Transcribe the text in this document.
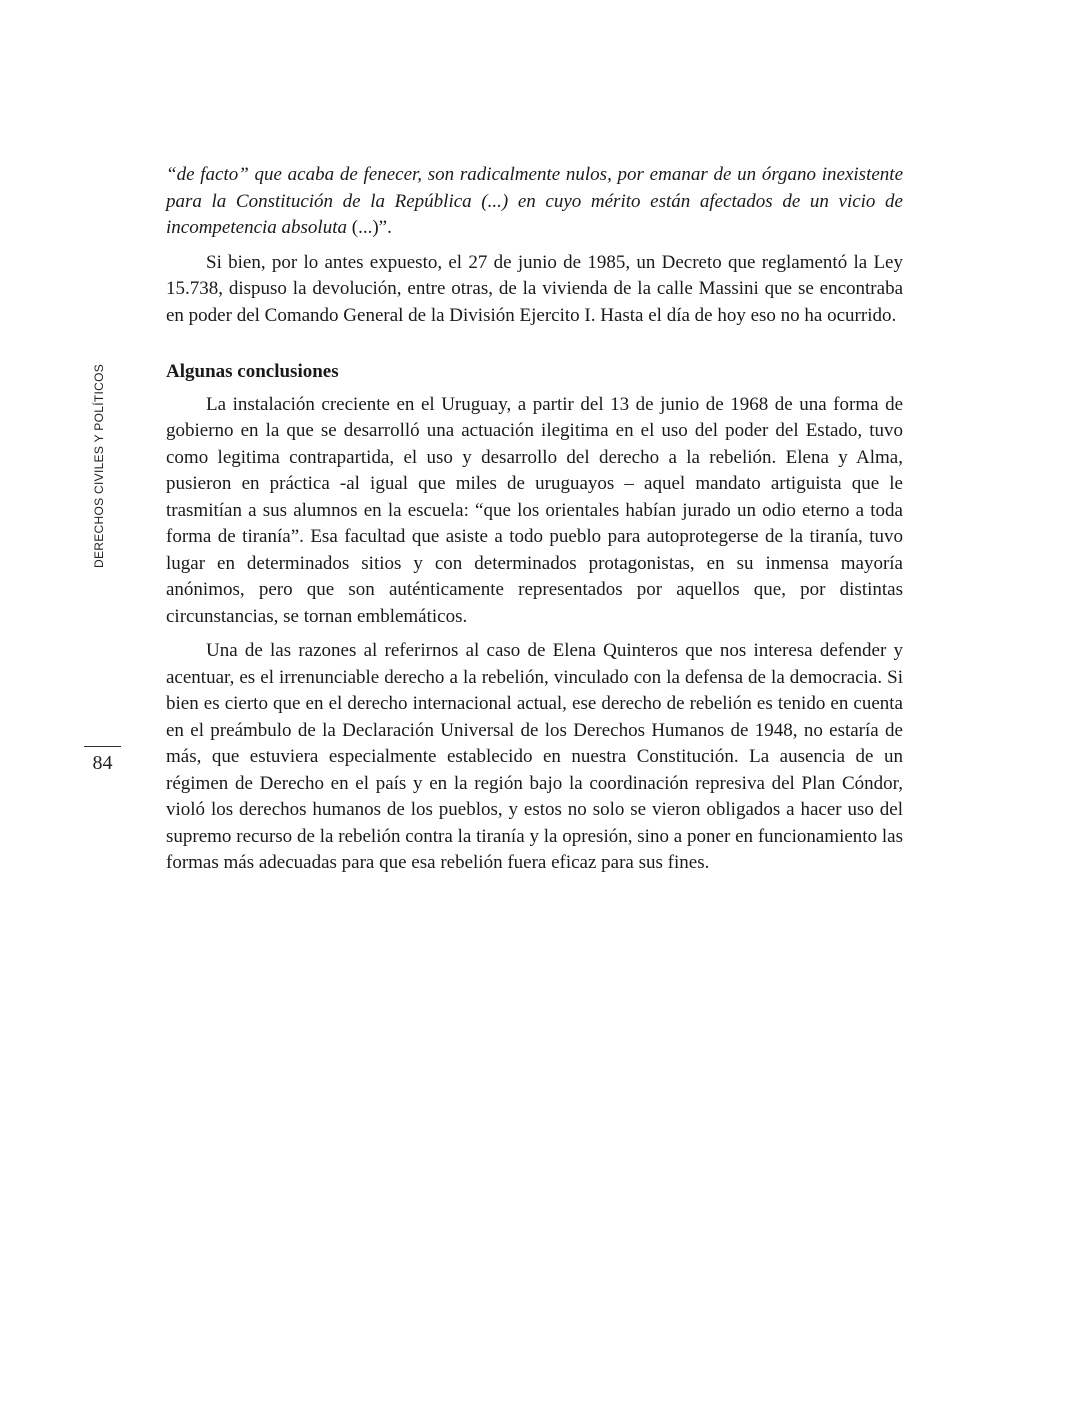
DERECHOS CIVILES Y POLÍTICOS
84

“de facto” que acaba de fenecer, son radicalmente nulos, por emanar de un órgano inexistente para la Constitución de la República (...) en cuyo mérito están afectados de un vicio de incompetencia absoluta (...)”.

Si bien, por lo antes expuesto, el 27 de junio de 1985, un Decreto que reglamentó la Ley 15.738, dispuso la devolución, entre otras, de la vivienda de la calle Massini que se encontraba en poder del Comando General de la División Ejercito I. Hasta el día de hoy eso no ha ocurrido.

Algunas conclusiones

La instalación creciente en el Uruguay, a partir del 13 de junio de 1968 de una forma de gobierno en la que se desarrolló una actuación ilegitima en el uso del poder del Estado, tuvo como legitima contrapartida, el uso y desarrollo del derecho a la rebelión. Elena y Alma, pusieron en práctica -al igual que miles de uruguayos – aquel mandato artiguista que le trasmitían a sus alumnos en la escuela: “que los orientales habían jurado un odio eterno a toda forma de tiranía”. Esa facultad que asiste a todo pueblo para autoprotegerse de la tiranía, tuvo lugar en determinados sitios y con determinados protagonistas, en su inmensa mayoría anónimos, pero que son auténticamente representados por aquellos que, por distintas circunstancias, se tornan emblemáticos.

Una de las razones al referirnos al caso de Elena Quinteros que nos interesa defender y acentuar, es el irrenunciable derecho a la rebelión, vinculado con la defensa de la democracia. Si bien es cierto que en el derecho internacional actual, ese derecho de rebelión es tenido en cuenta en el preámbulo de la Declaración Universal de los Derechos Humanos de 1948, no estaría de más, que estuviera especialmente establecido en nuestra Constitución. La ausencia de un régimen de Derecho en el país y en la región bajo la coordinación represiva del Plan Cóndor, violó los derechos humanos de los pueblos, y estos no solo se vieron obligados a hacer uso del supremo recurso de la rebelión contra la tiranía y la opresión, sino a poner en funcionamiento las formas más adecuadas para que esa rebelión fuera eficaz para sus fines.
